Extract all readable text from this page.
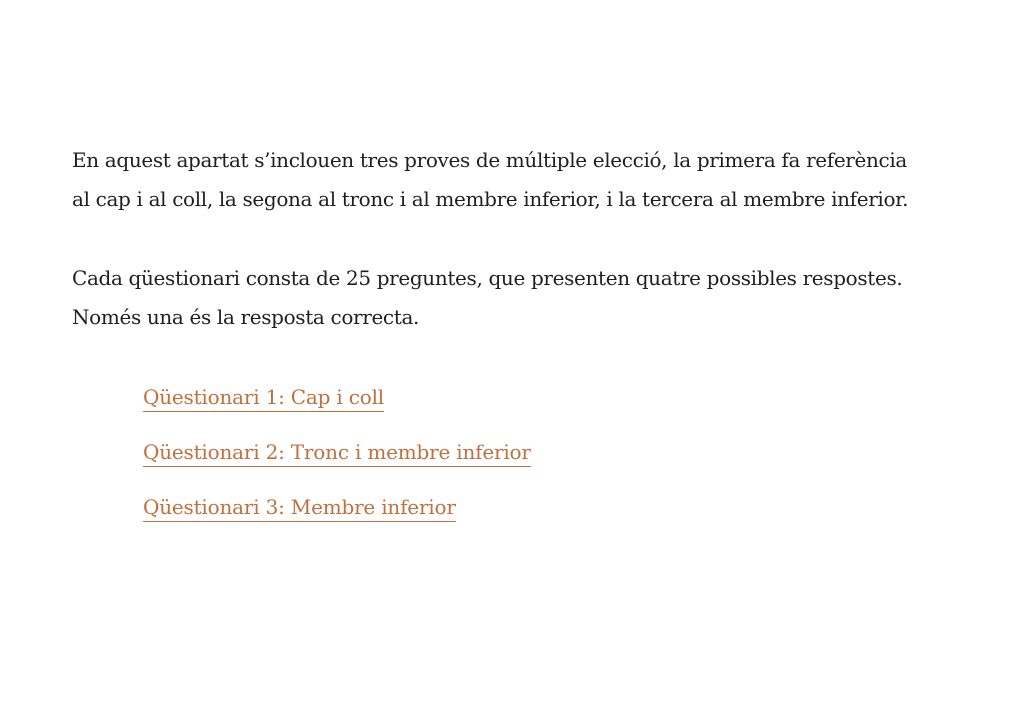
En aquest apartat s’inclouen tres proves de múltiple elecció, la primera fa referència
al cap i al coll, la segona al tronc i al membre inferior, i la tercera al membre inferior.

Cada qüestionari consta de 25 preguntes, que presenten quatre possibles respostes.
Només una és la resposta correcta.

Qüestionari 1: Cap i coll
Qüestionari 2: Tronc i membre inferior
Qüestionari 3: Membre inferior
